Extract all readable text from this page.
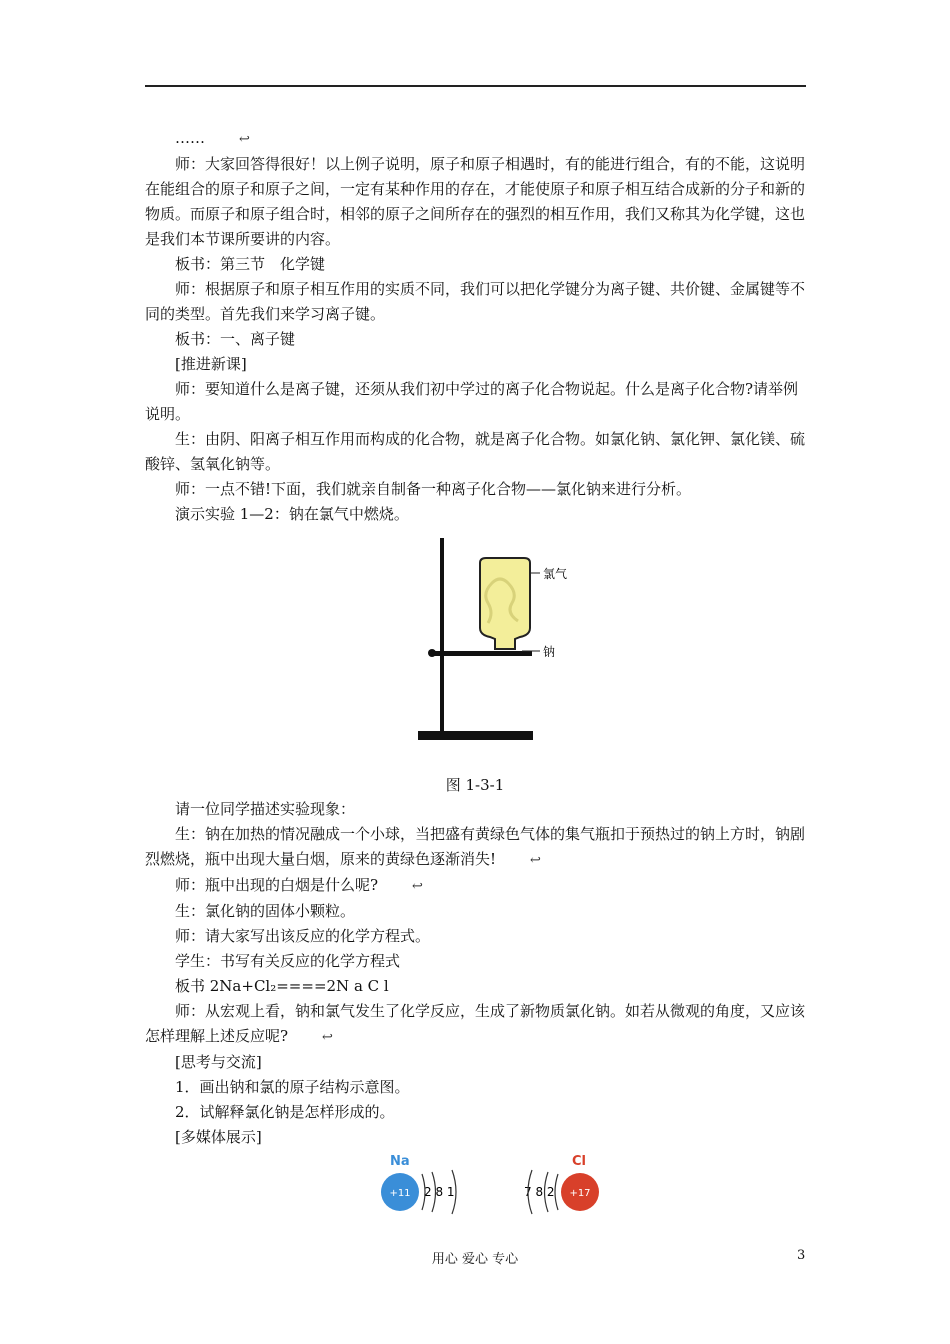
……	↩

师：大家回答得很好！以上例子说明，原子和原子相遇时，有的能进行组合，有的不能，这说明在能组合的原子和原子之间，一定有某种作用的存在，才能使原子和原子相互结合成新的分子和新的物质。而原子和原子组合时，相邻的原子之间所存在的强烈的相互作用，我们又称其为化学键，这也是我们本节课所要讲的内容。

板书：第三节　化学键

师：根据原子和原子相互作用的实质不同，我们可以把化学键分为离子键、共价键、金属键等不同的类型。首先我们来学习离子键。

板书：一、离子键

[推进新课]

师：要知道什么是离子键，还须从我们初中学过的离子化合物说起。什么是离子化合物?请举例说明。

生：由阴、阳离子相互作用而构成的化合物，就是离子化合物。如氯化钠、氯化钾、氯化镁、硫酸锌、氢氧化钠等。

师：一点不错!下面，我们就亲自制备一种离子化合物——氯化钠来进行分析。

演示实验 1—2：钠在氯气中燃烧。

氯气
钠
图 1-3-1

请一位同学描述实验现象：

生：钠在加热的情况融成一个小球，当把盛有黄绿色气体的集气瓶扣于预热过的钠上方时，钠剧烈燃烧，瓶中出现大量白烟，原来的黄绿色逐渐消失!	↩

师：瓶中出现的白烟是什么呢?	↩

生：氯化钠的固体小颗粒。

师：请大家写出该反应的化学方程式。

学生：书写有关反应的化学方程式

板书 2Na+Cl₂====2N a C l

师：从宏观上看，钠和氯气发生了化学反应，生成了新物质氯化钠。如若从微观的角度，又应该怎样理解上述反应呢?	↩

[思考与交流]

1．画出钠和氯的原子结构示意图。

2．试解释氯化钠是怎样形成的。

[多媒体展示]

Na
+11 2 8 1
Cl
+17
7 8 2
用心 爱心 专心	3
